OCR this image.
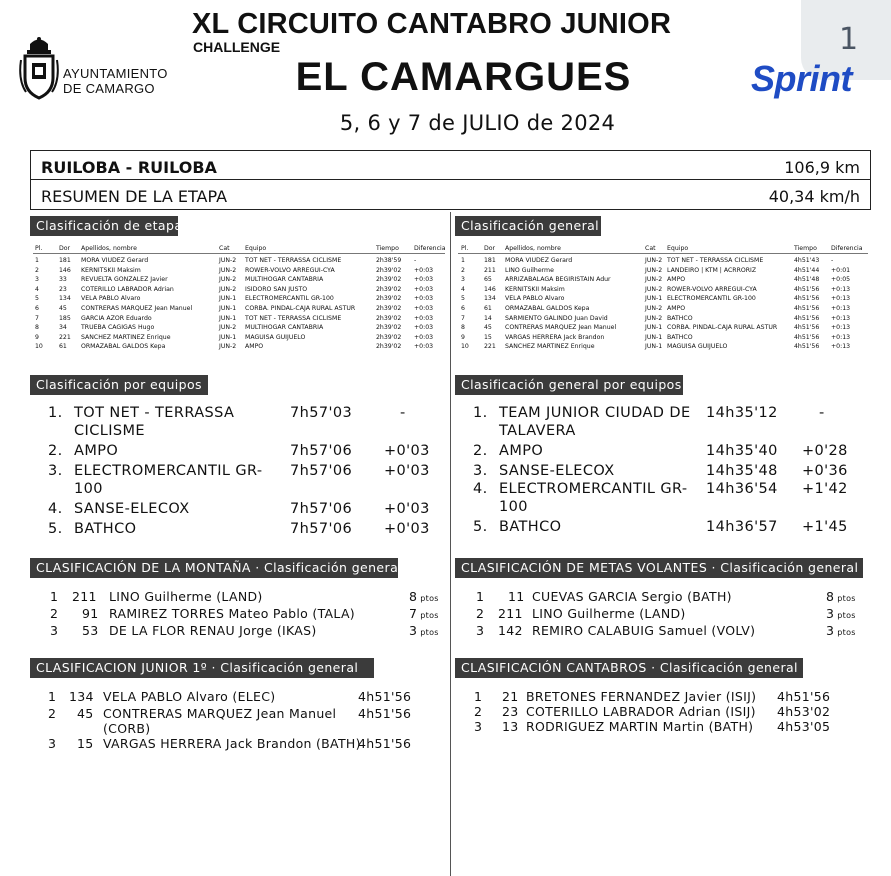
1
AYUNTAMIENTO
DE CAMARGO
XL CIRCUITO CANTABRO JUNIOR
CHALLENGE
EL CAMARGUES
5, 6 y 7 de JULIO de 2024
Sprint
RUILOBA - RUILOBA	106,9 km
RESUMEN DE LA ETAPA	40,34 km/h
Clasificación de etapa	Clasificación general
Clasificación por equipos	Clasificación general por equipos
CLASIFICACIÓN DE LA MONTAÑA · Clasificación general	CLASIFICACIÓN DE METAS VOLANTES · Clasificación general
CLASIFICACION JUNIOR 1º · Clasificación general	CLASIFICACIÓN CANTABROS · Clasificación general
Pl.	Dor Apellidos, nombre	Cat Equipo	Tiempo Diferencia
1	181 MORA VIUDEZ Gerard	JUN-2 TOT NET - TERRASSA CICLISME	2h38'59 -
2	146 KERNITSKII Maksim	JUN-2 ROWER-VOLVO ARREGUI-CYA	2h39'02 +0:03
3	33 REVUELTA GONZALEZ Javier	JUN-2 MULTIHOGAR CANTABRIA	2h39'02 +0:03
4	23 COTERILLO LABRADOR Adrian	JUN-2 ISIDORO SAN JUSTO	2h39'02 +0:03
5	134 VELA PABLO Alvaro	JUN-1 ELECTROMERCANTIL GR-100	2h39'02 +0:03
6	45 CONTRERAS MARQUEZ Jean Manuel	JUN-1 CORBA. PINDAL-CAJA RURAL ASTUR	2h39'02 +0:03
7	185 GARCIA AZOR Eduardo	JUN-1 TOT NET - TERRASSA CICLISME	2h39'02 +0:03
8	34 TRUEBA CAGIGAS Hugo	JUN-2 MULTIHOGAR CANTABRIA	2h39'02 +0:03
9	221 SANCHEZ MARTINEZ Enrique	JUN-1 MAGUISA GUIJUELO	2h39'02 +0:03
10	61 ORMAZABAL GALDOS Kepa	JUN-2 AMPO	2h39'02 +0:03
Pl.	Dor Apellidos, nombre	Cat Equipo	Tiempo Diferencia
1	181 MORA VIUDEZ Gerard	JUN-2 TOT NET - TERRASSA CICLISME	4h51'43 -
2	211 LINO Guilherme	JUN-2 LANDEIRO | KTM | ACRRORIZ	4h51'44 +0:01
3	65 ARRIZABALAGA BEGIRISTAIN Adur	JUN-2 AMPO	4h51'48 +0:05
4	146 KERNITSKII Maksim	JUN-2 ROWER-VOLVO ARREGUI-CYA	4h51'56 +0:13
5	134 VELA PABLO Alvaro	JUN-1 ELECTROMERCANTIL GR-100	4h51'56 +0:13
6	61 ORMAZABAL GALDOS Kepa	JUN-2 AMPO	4h51'56 +0:13
7	14 SARMIENTO GALINDO Juan David	JUN-2 BATHCO	4h51'56 +0:13
8	45 CONTRERAS MARQUEZ Jean Manuel	JUN-1 CORBA. PINDAL-CAJA RURAL ASTUR	4h51'56 +0:13
9	15 VARGAS HERRERA Jack Brandon	JUN-1 BATHCO	4h51'56 +0:13
10 221 SANCHEZ MARTINEZ Enrique	JUN-1 MAGUISA GUIJUELO	4h51'56 +0:13
1. TOT NET - TERRASSA
CICLISME
7h57'03	-
2. AMPO	7h57'06 +0'03
3. ELECTROMERCANTIL GR-
100
7h57'06 +0'03
4. SANSE-ELECOX	7h57'06 +0'03
5. BATHCO	7h57'06 +0'03
1. TEAM JUNIOR CIUDAD DE
TALAVERA
14h35'12	-
2. AMPO	14h35'40 +0'28
3. SANSE-ELECOX	14h35'48 +0'36
4. ELECTROMERCANTIL GR-
100
14h36'54 +1'42
5. BATHCO	14h36'57 +1'45
1 211 LINO Guilherme (LAND)	8 ptos
2 91 RAMIREZ TORRES Mateo Pablo (TALA)	7 ptos
3 53 DE LA FLOR RENAU Jorge (IKAS)	3 ptos
1 11 CUEVAS GARCIA Sergio (BATH)	8 ptos
2 211 LINO Guilherme (LAND)	3 ptos
3 142 REMIRO CALABUIG Samuel (VOLV)	3 ptos
1 134 VELA PABLO Alvaro (ELEC)	4h51'56
2 45 CONTRERAS MARQUEZ Jean Manuel
(CORB)
4h51'56
3 15 VARGAS HERRERA Jack Brandon (BATH)
4h51'56
1 21 BRETONES FERNANDEZ Javier (ISIJ) 4h51'56
2 23 COTERILLO LABRADOR Adrian (ISIJ) 4h53'02
3 13 RODRIGUEZ MARTIN Martin (BATH) 4h53'05
